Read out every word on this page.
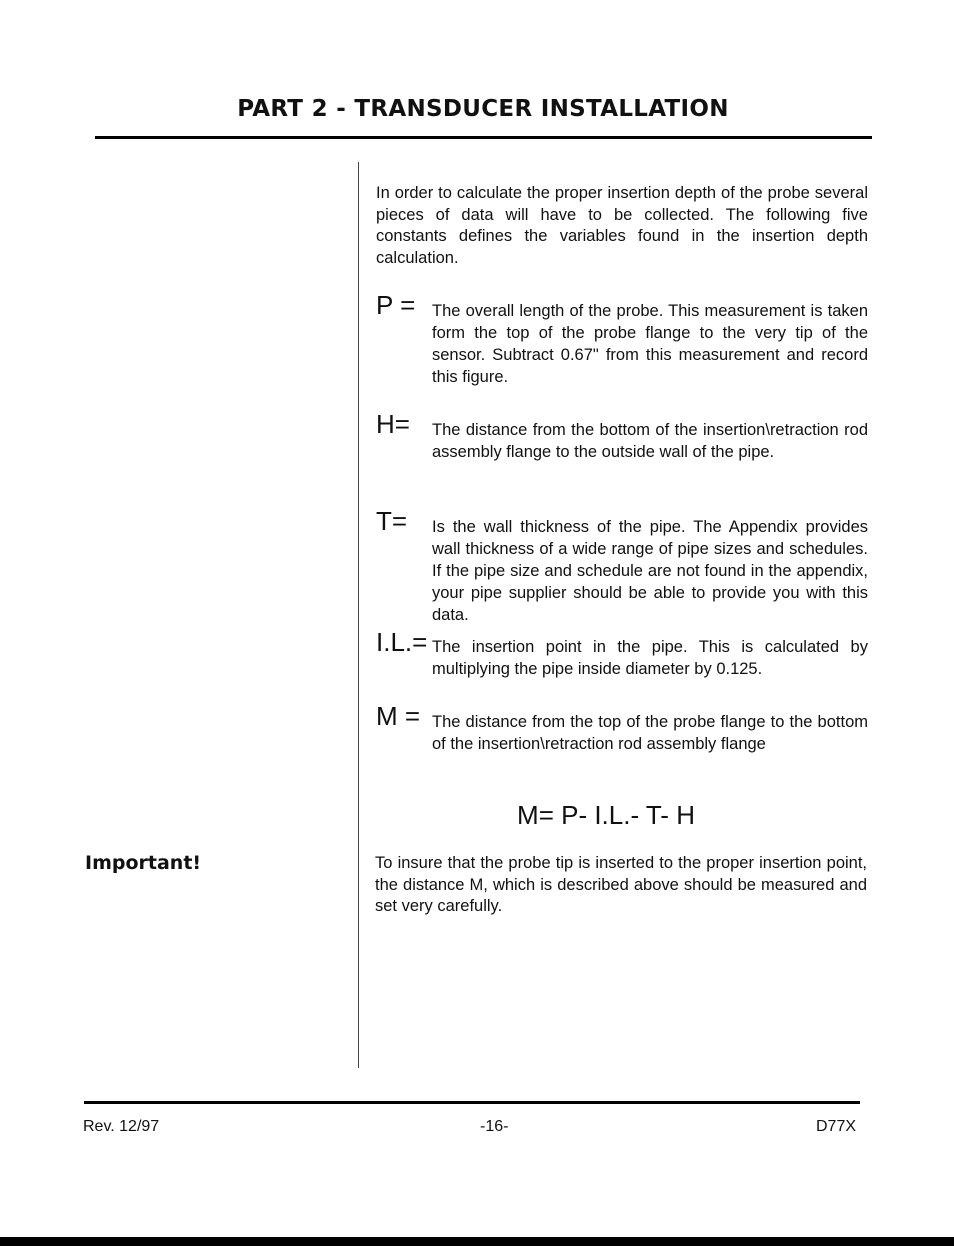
PART 2 - TRANSDUCER INSTALLATION

Important!

In order to calculate the proper insertion depth of the probe several pieces of data will have to be collected. The following five constants defines the variables found in the insertion depth calculation.

P = The overall length of the probe. This measurement is taken form the top of the probe flange to the very tip of the sensor. Subtract 0.67" from this measurement and record this figure.

H= The distance from the bottom of the insertion\retraction rod assembly flange to the outside wall of the pipe.

T= Is the wall thickness of the pipe. The Appendix provides wall thickness of a wide range of pipe sizes and schedules. If the pipe size and schedule are not found in the appendix, your pipe supplier should be able to provide you with this data.

I.L.= The insertion point in the pipe. This is calculated by multiplying the pipe inside diameter by 0.125.

M = The distance from the top of the probe flange to the bottom of the insertion\retraction rod assembly flange

M= P- I.L.- T- H

To insure that the probe tip is inserted to the proper insertion point, the distance M, which is described above should be measured and set very carefully.

Rev. 12/97	-16-	D77X
